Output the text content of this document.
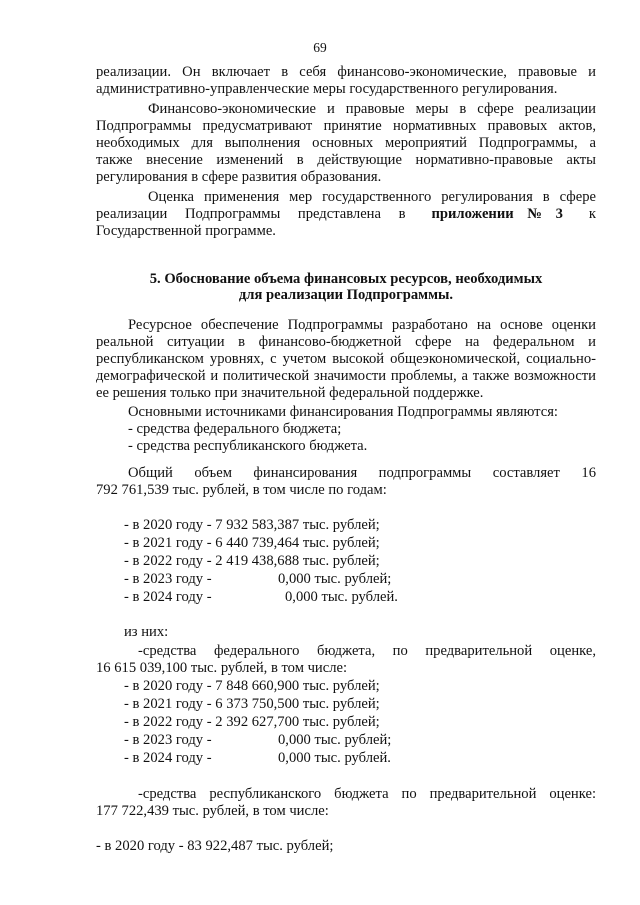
69
реализации. Он включает в себя финансово-экономические, правовые и
административно-управленческие меры государственного регулирования.
Финансово-экономические и правовые меры в сфере реализации
Подпрограммы предусматривают принятие нормативных правовых актов,
необходимых для выполнения основных мероприятий Подпрограммы, а
также внесение изменений в действующие нормативно-правовые акты
регулирования в сфере развития образования.
Оценка применения мер государственного регулирования в сфере
реализации Подпрограммы представлена в приложении № 3 к
Государственной программе.
5. Обоснование объема финансовых ресурсов, необходимых
для реализации Подпрограммы.
Ресурсное обеспечение Подпрограммы разработано на основе оценки
реальной ситуации в финансово-бюджетной сфере на федеральном и
республиканском уровнях, с учетом высокой общеэкономической, социально-
демографической и политической значимости проблемы, а также возможности
ее решения только при значительной федеральной поддержке.
Основными источниками финансирования Подпрограммы являются:
- средства федерального бюджета;
- средства республиканского бюджета.
Общий объем финансирования подпрограммы составляет 16
792 761,539 тыс. рублей, в том числе по годам:
- в 2020 году - 7 932 583,387 тыс. рублей;
- в 2021 году - 6 440 739,464 тыс. рублей;
- в 2022 году - 2 419 438,688 тыс. рублей;
- в 2023 году -	0,000 тыс. рублей;
- в 2024 году -	0,000 тыс. рублей.
из них:
-средства федерального бюджета, по предварительной оценке,
16 615 039,100 тыс. рублей, в том числе:
- в 2020 году - 7 848 660,900 тыс. рублей;
- в 2021 году - 6 373 750,500 тыс. рублей;
- в 2022 году - 2 392 627,700 тыс. рублей;
- в 2023 году -	0,000 тыс. рублей;
- в 2024 году -	0,000 тыс. рублей.
-средства республиканского бюджета по предварительной оценке:
177 722,439 тыс. рублей, в том числе:
- в 2020 году - 83 922,487 тыс. рублей;
